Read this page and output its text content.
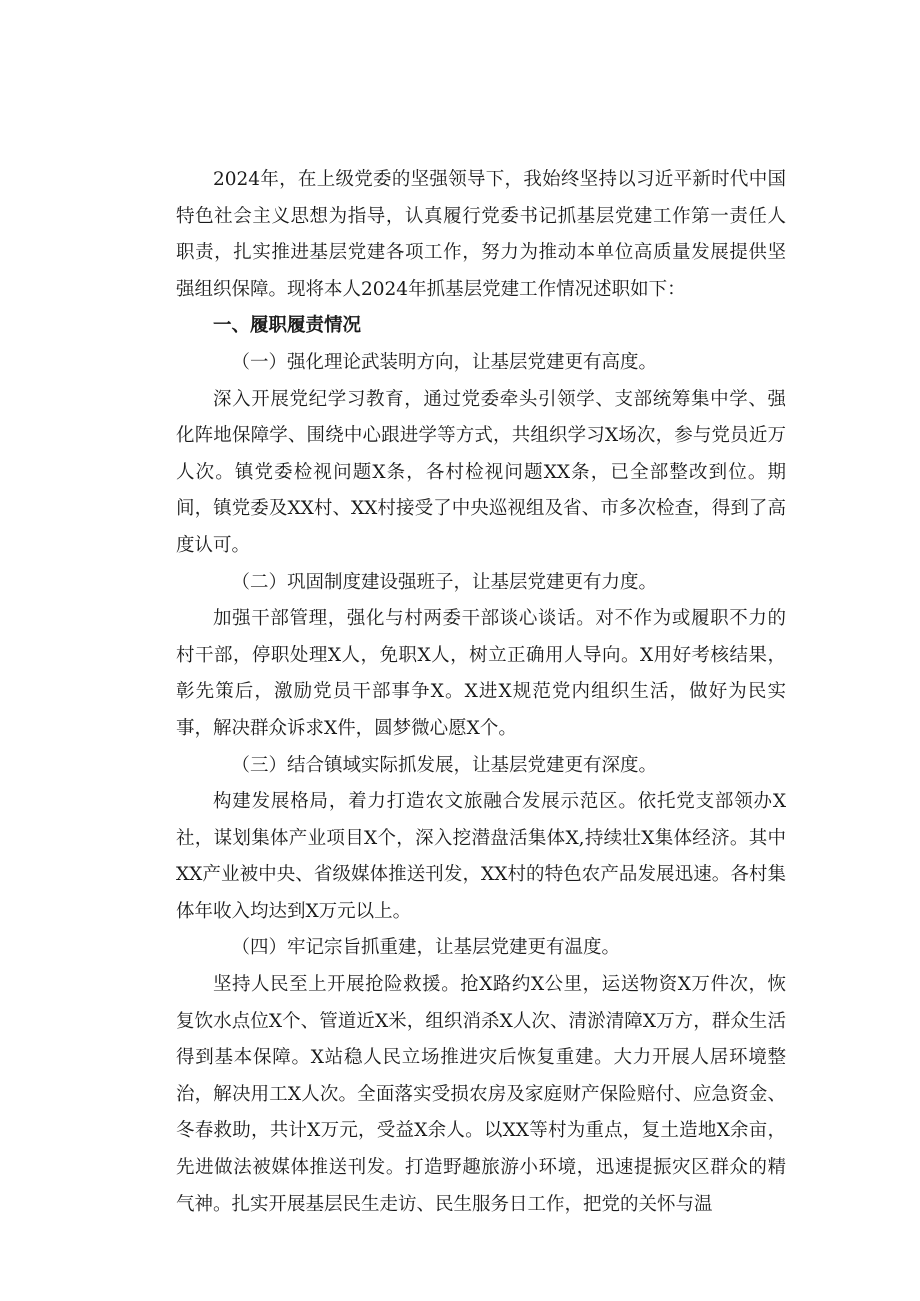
2024年，在上级党委的坚强领导下，我始终坚持以习近平新时代中国特色社会主义思想为指导，认真履行党委书记抓基层党建工作第一责任人职责，扎实推进基层党建各项工作，努力为推动本单位高质量发展提供坚强组织保障。现将本人2024年抓基层党建工作情况述职如下：

一、履职履责情况
（一）强化理论武装明方向，让基层党建更有高度。

深入开展党纪学习教育，通过党委牵头引领学、支部统筹集中学、强化阵地保障学、围绕中心跟进学等方式，共组织学习X场次，参与党员近万人次。镇党委检视问题X条，各村检视问题XX条，已全部整改到位。期间，镇党委及XX村、XX村接受了中央巡视组及省、市多次检查，得到了高度认可。

（二）巩固制度建设强班子，让基层党建更有力度。

加强干部管理，强化与村两委干部谈心谈话。对不作为或履职不力的村干部，停职处理X人，免职X人，树立正确用人导向。X用好考核结果，彰先策后，激励党员干部事争X。X进X规范党内组织生活，做好为民实事，解决群众诉求X件，圆梦微心愿X个。

（三）结合镇域实际抓发展，让基层党建更有深度。

构建发展格局，着力打造农文旅融合发展示范区。依托党支部领办X社，谋划集体产业项目X个，深入挖潜盘活集体X,持续壮X集体经济。其中XX产业被中央、省级媒体推送刊发，XX村的特色农产品发展迅速。各村集体年收入均达到X万元以上。

（四）牢记宗旨抓重建，让基层党建更有温度。

坚持人民至上开展抢险救援。抢X路约X公里，运送物资X万件次，恢复饮水点位X个、管道近X米，组织消杀X人次、清淤清障X万方，群众生活得到基本保障。X站稳人民立场推进灾后恢复重建。大力开展人居环境整治，解决用工X人次。全面落实受损农房及家庭财产保险赔付、应急资金、冬春救助，共计X万元，受益X余人。以XX等村为重点，复土造地X余亩，先进做法被媒体推送刊发。打造野趣旅游小环境，迅速提振灾区群众的精气神。扎实开展基层民生走访、民生服务日工作，把党的关怀与温
